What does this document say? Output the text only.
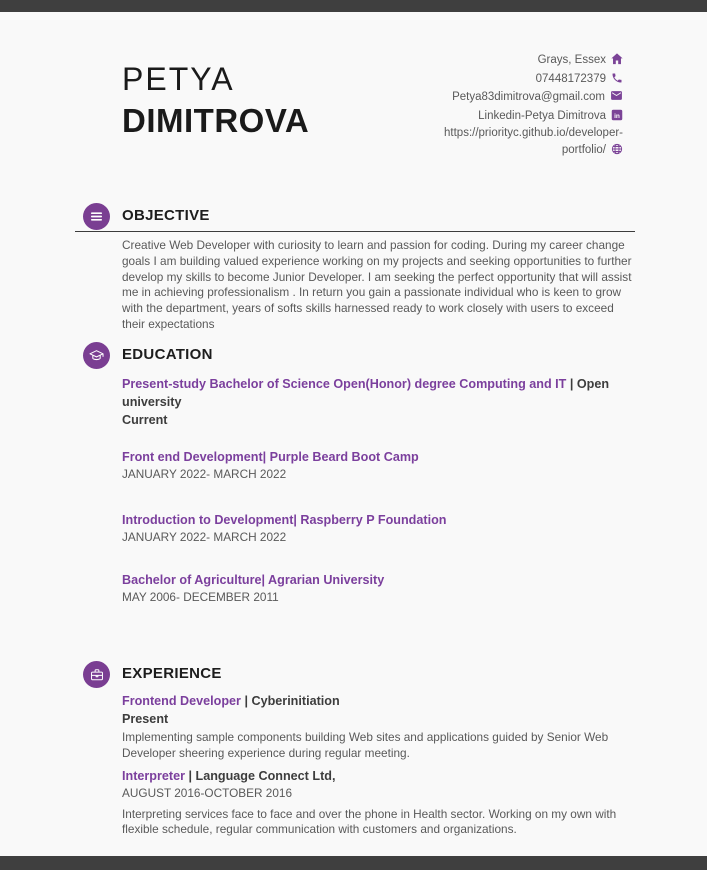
PETYA
DIMITROVA
Grays, Essex
07448172379
Petya83dimitrova@gmail.com
Linkedin-Petya Dimitrova in
https://priorityc.github.io/developer-portfolio/
OBJECTIVE
Creative Web Developer with curiosity to learn and passion for coding. During my career change goals I am building valued experience working on my projects and seeking opportunities to further develop my skills to become Junior Developer. I am seeking the perfect opportunity that will assist me in achieving professionalism . In return you gain a passionate individual who is keen to grow with the department, years of softs skills harnessed ready to work closely with users to exceed their expectations
EDUCATION
Present-study Bachelor of Science Open(Honor) degree Computing and IT | Open university
Current
Front end Development| Purple Beard Boot Camp
JANUARY 2022- MARCH 2022
Introduction to Development| Raspberry P Foundation
JANUARY 2022- MARCH 2022
Bachelor of Agriculture| Agrarian University
MAY 2006- DECEMBER 2011
EXPERIENCE
Frontend Developer | Cyberinitiation
Present
Implementing sample components building Web sites and applications guided by Senior Web Developer sheering experience during regular meeting.
Interpreter | Language Connect Ltd,
AUGUST 2016-OCTOBER 2016
Interpreting services face to face and over the phone in Health sector. Working on my own with flexible schedule, regular communication with customers and organizations.
